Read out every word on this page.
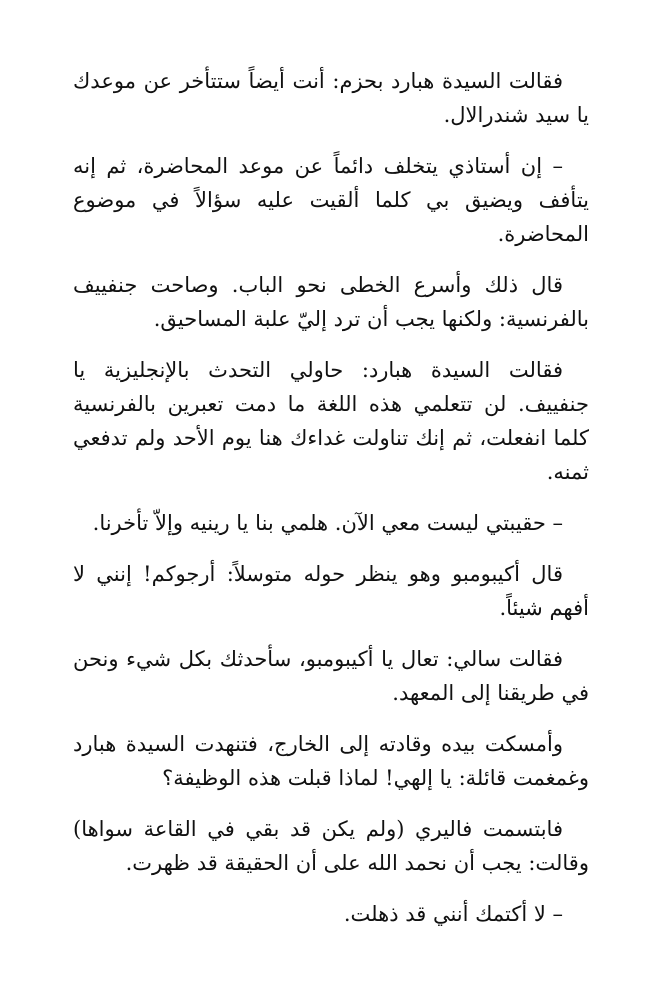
فقالت السيدة هبارد بحزم: أنت أيضاً ستتأخر عن موعدك يا سيد شندرالال.

– إن أستاذي يتخلف دائماً عن موعد المحاضرة، ثم إنه يتأفف ويضيق بي كلما ألقيت عليه سؤالاً في موضوع المحاضرة.

قال ذلك وأسرع الخطى نحو الباب. وصاحت جنفييف بالفرنسية: ولكنها يجب أن ترد إليّ علبة المساحيق.

فقالت السيدة هبارد: حاولي التحدث بالإنجليزية يا جنفييف. لن تتعلمي هذه اللغة ما دمت تعبرين بالفرنسية كلما انفعلت، ثم إنك تناولت غداءك هنا يوم الأحد ولم تدفعي ثمنه.

– حقيبتي ليست معي الآن. هلمي بنا يا رينيه وإلاّ تأخرنا.

قال أكيبومبو وهو ينظر حوله متوسلاً: أرجوكم! إنني لا أفهم شيئاً.

فقالت سالي: تعال يا أكيبومبو، سأحدثك بكل شيء ونحن في طريقنا إلى المعهد.

وأمسكت بيده وقادته إلى الخارج، فتنهدت السيدة هبارد وغمغمت قائلة: يا إلهي! لماذا قبلت هذه الوظيفة؟

فابتسمت فاليري (ولم يكن قد بقي في القاعة سواها) وقالت: يجب أن نحمد الله على أن الحقيقة قد ظهرت.

– لا أكتمك أنني قد ذهلت.
